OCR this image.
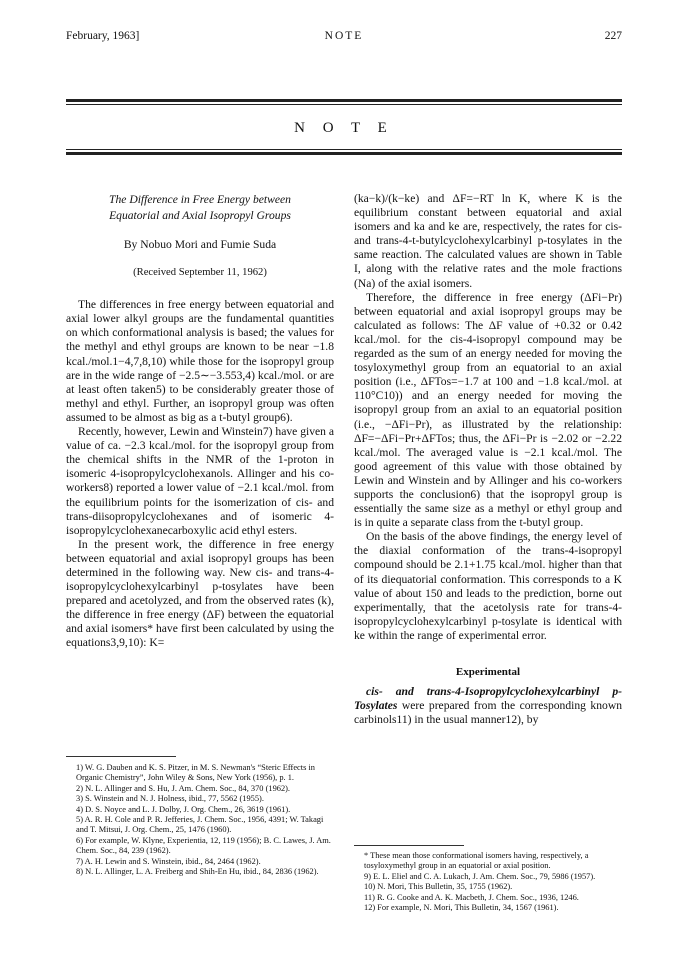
February, 1963]	NOTE	227
N O T E
The Difference in Free Energy between
Equatorial and Axial Isopropyl Groups
By Nobuo Mori and Fumie Suda
(Received September 11, 1962)

The differences in free energy between equatorial and axial lower alkyl groups are the fundamental quantities on which conformational analysis is based; the values for the methyl and ethyl groups are known to be near −1.8 kcal./mol.1−4,7,8,10) while those for the isopropyl group are in the wide range of −2.5∼−3.553,4) kcal./mol. or are at least often taken5) to be considerably greater those of methyl and ethyl. Further, an isopropyl group was often assumed to be almost as big as a t-butyl group6).

Recently, however, Lewin and Winstein7) have given a value of ca. −2.3 kcal./mol. for the isopropyl group from the chemical shifts in the NMR of the 1-proton in isomeric 4-isopropylcyclohexanols. Allinger and his co-workers8) reported a lower value of −2.1 kcal./mol. from the equilibrium points for the isomerization of cis- and trans-diisopropylcyclohexanes and of isomeric 4-isopropylcyclohexanecarboxylic acid ethyl esters.

In the present work, the difference in free energy between equatorial and axial isopropyl groups has been determined in the following way. New cis- and trans-4-isopropylcyclohexylcarbinyl p-tosylates have been prepared and acetolyzed, and from the observed rates (k), the difference in free energy (ΔF) between the equatorial and axial isomers* have first been calculated by using the equations3,9,10): K=

1) W. G. Dauben and K. S. Pitzer, in M. S. Newman's “Steric Effects in Organic Chemistry”, John Wiley & Sons, New York (1956), p. 1.
2) N. L. Allinger and S. Hu, J. Am. Chem. Soc., 84, 370 (1962).
3) S. Winstein and N. J. Holness, ibid., 77, 5562 (1955).
4) D. S. Noyce and L. J. Dolby, J. Org. Chem., 26, 3619 (1961).
5) A. R. H. Cole and P. R. Jefferies, J. Chem. Soc., 1956, 4391; W. Takagi and T. Mitsui, J. Org. Chem., 25, 1476 (1960).
6) For example, W. Klyne, Experientia, 12, 119 (1956); B. C. Lawes, J. Am. Chem. Soc., 84, 239 (1962).
7) A. H. Lewin and S. Winstein, ibid., 84, 2464 (1962).
8) N. L. Allinger, L. A. Freiberg and Shih-En Hu, ibid., 84, 2836 (1962).

(ka−k)/(k−ke) and ΔF=−RT ln K, where K is the equilibrium constant between equatorial and axial isomers and ka and ke are, respectively, the rates for cis- and trans-4-t-butylcyclohexylcarbinyl p-tosylates in the same reaction. The calculated values are shown in Table I, along with the relative rates and the mole fractions (Na) of the axial isomers.

Therefore, the difference in free energy (ΔFi−Pr) between equatorial and axial isopropyl groups may be calculated as follows: The ΔF value of +0.32 or 0.42 kcal./mol. for the cis-4-isopropyl compound may be regarded as the sum of an energy needed for moving the tosyloxymethyl group from an equatorial to an axial position (i.e., ΔFTos=−1.7 at 100 and −1.8 kcal./mol. at 110°C10)) and an energy needed for moving the isopropyl group from an axial to an equatorial position (i.e., −ΔFi−Pr), as illustrated by the relationship: ΔF=−ΔFi−Pr+ΔFTos; thus, the ΔFi−Pr is −2.02 or −2.22 kcal./mol. The averaged value is −2.1 kcal./mol. The good agreement of this value with those obtained by Lewin and Winstein and by Allinger and his co-workers supports the conclusion6) that the isopropyl group is essentially the same size as a methyl or ethyl group and is in quite a separate class from the t-butyl group.

On the basis of the above findings, the energy level of the diaxial conformation of the trans-4-isopropyl compound should be 2.1+1.75 kcal./mol. higher than that of its diequatorial conformation. This corresponds to a K value of about 150 and leads to the prediction, borne out experimentally, that the acetolysis rate for trans-4-isopropylcyclohexylcarbinyl p-tosylate is identical with ke within the range of experimental error.

Experimental

cis- and trans-4-Isopropylcyclohexylcarbinyl p-Tosylates were prepared from the corresponding known carbinols11) in the usual manner12), by

* These mean those conformational isomers having, respectively, a tosyloxymethyl group in an equatorial or axial position.
9) E. L. Eliel and C. A. Lukach, J. Am. Chem. Soc., 79, 5986 (1957).
10) N. Mori, This Bulletin, 35, 1755 (1962).
11) R. G. Cooke and A. K. Macbeth, J. Chem. Soc., 1936, 1246.
12) For example, N. Mori, This Bulletin, 34, 1567 (1961).
